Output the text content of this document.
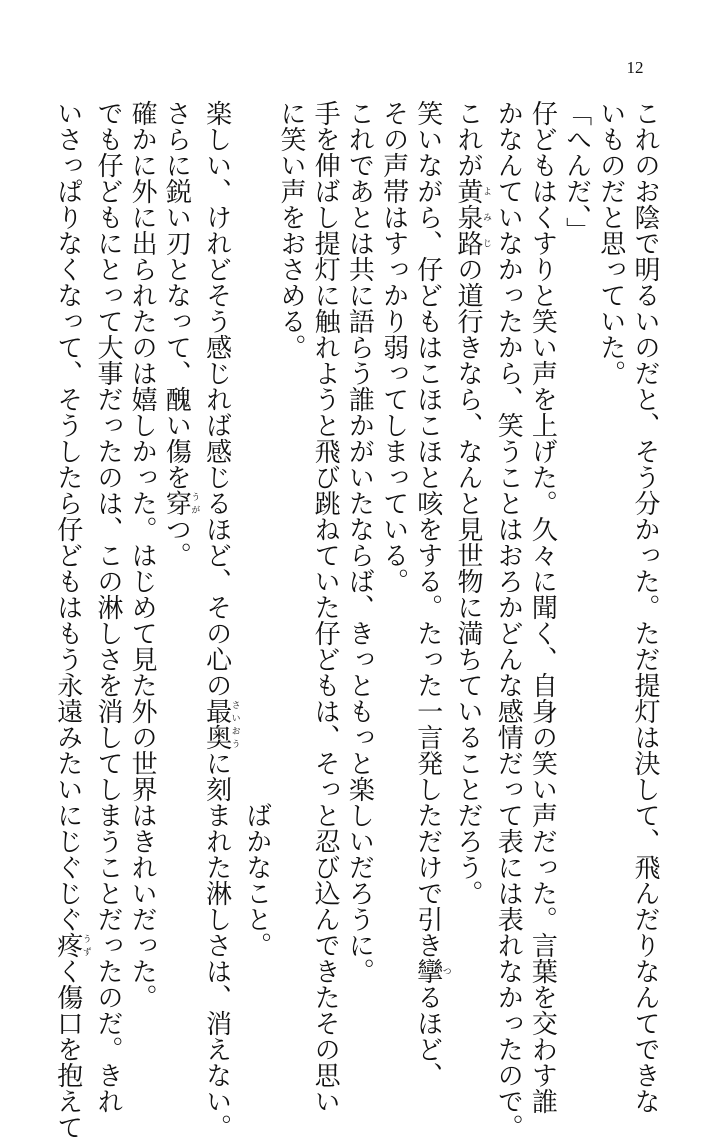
12
これのお陰で明るいのだと、そう分かった。ただ提灯は決して、飛んだりなんてできな
いものだと思っていた。
「へんだ、」
仔どもはくすりと笑い声を上げた。久々に聞く、自身の笑い声だった。言葉を交わす誰
かなんていなかったから、笑うことはおろかどんな感情だって表には表れなかったので。
これが黄泉路よみじの道行きなら、なんと見世物に満ちていることだろう。
笑いながら、仔どもはこほこほと咳をする。たった一言発しただけで引き攣つるほど、
その声帯はすっかり弱ってしまっている。
これであとは共に語らう誰かがいたならば、きっともっと楽しいだろうに。
手を伸ばし提灯に触れようと飛び跳ねていた仔どもは、そっと忍び込んできたその思い
に笑い声をおさめる。
　　　　　　　　　　　　　　　　　　　　　　　　　　　ばかなこと。
楽しい、けれどそう感じれば感じるほど、その心の最奥さいおうに刻まれた淋しさは、消えない。
さらに鋭い刃となって、醜い傷を穿うがつ。
確かに外に出られたのは嬉しかった。はじめて見た外の世界はきれいだった。
でも仔どもにとって大事だったのは、この淋しさを消してしまうことだったのだ。きれ
いさっぱりなくなって、そうしたら仔どもはもう永遠みたいにじぐじぐ疼うずく傷口を抱えて
